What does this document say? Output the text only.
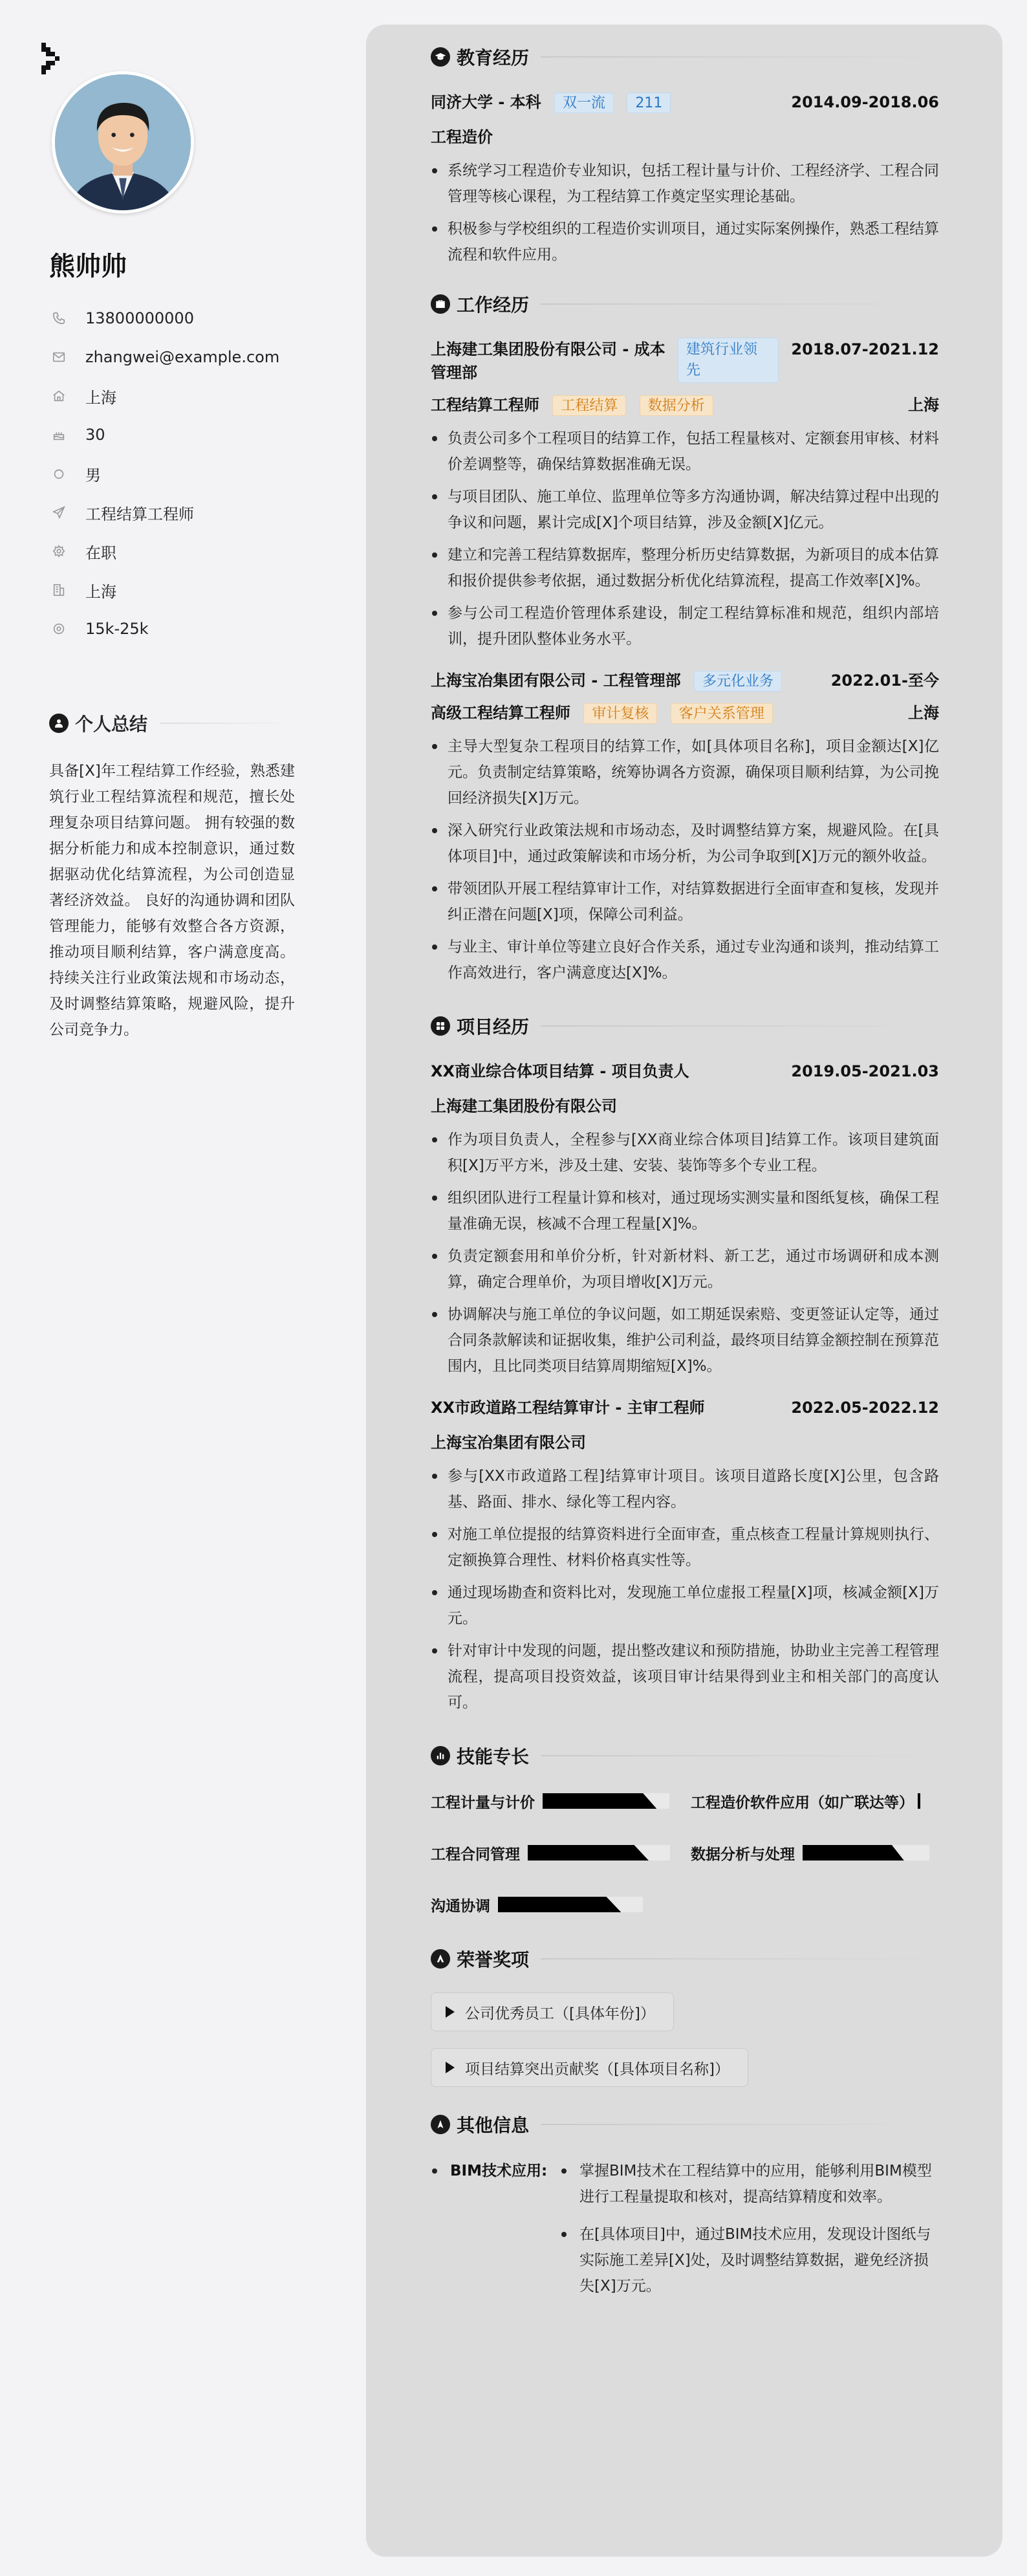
熊帅帅
13800000000
zhangwei@example.com
上海
30
男
工程结算工程师
在职
上海
15k-25k
个人总结

具备[X]年工程结算工作经验，熟悉建筑行业工程结算流程和规范，擅长处理复杂项目结算问题。 拥有较强的数据分析能力和成本控制意识，通过数据驱动优化结算流程，为公司创造显著经济效益。 良好的沟通协调和团队管理能力，能够有效整合各方资源，推动项目顺利结算，客户满意度高。 持续关注行业政策法规和市场动态，及时调整结算策略，规避风险，提升公司竞争力。

教育经历
同济大学 - 本科 双一流 211	2014.09-2018.06
工程造价
系统学习工程造价专业知识，包括工程计量与计价、工程经济学、工程合同管理等核心课程，为工程结算工作奠定坚实理论基础。
积极参与学校组织的工程造价实训项目，通过实际案例操作，熟悉工程结算流程和软件应用。
工作经历
上海建工集团股份有限公司 - 成本管理部
建筑行业领先
2018.07-2021.12
工程结算工程师 工程结算 数据分析	上海
负责公司多个工程项目的结算工作，包括工程量核对、定额套用审核、材料价差调整等，确保结算数据准确无误。
与项目团队、施工单位、监理单位等多方沟通协调，解决结算过程中出现的争议和问题，累计完成[X]个项目结算，涉及金额[X]亿元。
建立和完善工程结算数据库，整理分析历史结算数据，为新项目的成本估算和报价提供参考依据，通过数据分析优化结算流程，提高工作效率[X]%。
参与公司工程造价管理体系建设，制定工程结算标准和规范，组织内部培训，提升团队整体业务水平。
上海宝冶集团有限公司 - 工程管理部 多元化业务	2022.01-至今
高级工程结算工程师 审计复核 客户关系管理	上海
主导大型复杂工程项目的结算工作，如[具体项目名称]，项目金额达[X]亿元。负责制定结算策略，统筹协调各方资源，确保项目顺利结算，为公司挽回经济损失[X]万元。
深入研究行业政策法规和市场动态，及时调整结算方案，规避风险。在[具体项目]中，通过政策解读和市场分析，为公司争取到[X]万元的额外收益。
带领团队开展工程结算审计工作，对结算数据进行全面审查和复核，发现并纠正潜在问题[X]项，保障公司利益。
与业主、审计单位等建立良好合作关系，通过专业沟通和谈判，推动结算工作高效进行，客户满意度达[X]%。
项目经历
XX商业综合体项目结算 - 项目负责人	2019.05-2021.03
上海建工集团股份有限公司
作为项目负责人，全程参与[XX商业综合体项目]结算工作。该项目建筑面积[X]万平方米，涉及土建、安装、装饰等多个专业工程。
组织团队进行工程量计算和核对，通过现场实测实量和图纸复核，确保工程量准确无误，核减不合理工程量[X]%。
负责定额套用和单价分析，针对新材料、新工艺，通过市场调研和成本测算，确定合理单价，为项目增收[X]万元。
协调解决与施工单位的争议问题，如工期延误索赔、变更签证认定等，通过合同条款解读和证据收集，维护公司利益，最终项目结算金额控制在预算范围内，且比同类项目结算周期缩短[X]%。
XX市政道路工程结算审计 - 主审工程师	2022.05-2022.12
上海宝冶集团有限公司
参与[XX市政道路工程]结算审计项目。该项目道路长度[X]公里，包含路基、路面、排水、绿化等工程内容。
对施工单位提报的结算资料进行全面审查，重点核查工程量计算规则执行、定额换算合理性、材料价格真实性等。
通过现场勘查和资料比对，发现施工单位虚报工程量[X]项，核减金额[X]万元。
针对审计中发现的问题，提出整改建议和预防措施，协助业主完善工程管理流程，提高项目投资效益，该项目审计结果得到业主和相关部门的高度认可。
技能专长
工程计量与计价	工程造价软件应用（如广联达等）
工程合同管理	数据分析与处理
沟通协调
荣誉奖项
公司优秀员工（[具体年份]）
项目结算突出贡献奖（[具体项目名称]）
其他信息
BIM技术应用:	掌握BIM技术在工程结算中的应用，能够利用BIM模型进行工程量提取和核对，提高结算精度和效率。
在[具体项目]中，通过BIM技术应用，发现设计图纸与实际施工差异[X]处，及时调整结算数据，避免经济损失[X]万元。
